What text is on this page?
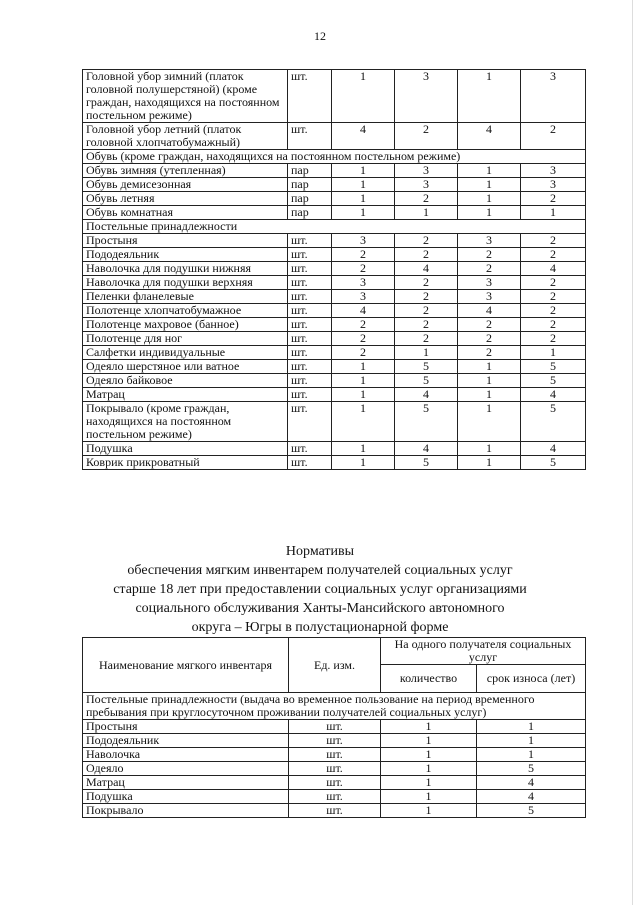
12
Головной убор зимний (платок головной полушерстяной) (кроме граждан, находящихся на постоянном постельном режиме)	шт.	1	3	1	3
Головной убор летний (платок головной хлопчатобумажный)	шт.	4	2	4	2
Обувь (кроме граждан, находящихся на постоянном постельном режиме)					
Обувь зимняя (утепленная)	пар	1	3	1	3
Обувь демисезонная	пар	1	3	1	3
Обувь летняя	пар	1	2	1	2
Обувь комнатная	пар	1	1	1	1
Постельные принадлежности					
Простыня	шт.	3	2	3	2
Пододеяльник	шт.	2	2	2	2
Наволочка для подушки нижняя	шт.	2	4	2	4
Наволочка для подушки верхняя	шт.	3	2	3	2
Пеленки фланелевые	шт.	3	2	3	2
Полотенце хлопчатобумажное	шт.	4	2	4	2
Полотенце махровое (банное)	шт.	2	2	2	2
Полотенце для ног	шт.	2	2	2	2
Салфетки индивидуальные	шт.	2	1	2	1
Одеяло шерстяное или ватное	шт.	1	5	1	5
Одеяло байковое	шт.	1	5	1	5
Матрац	шт.	1	4	1	4
Покрывало (кроме граждан, находящихся на постоянном постельном режиме)	шт.	1	5	1	5
Подушка	шт.	1	4	1	4
Коврик прикроватный	шт.	1	5	1	5
Нормативы
обеспечения мягким инвентарем получателей социальных услуг
старше 18 лет при предоставлении социальных услуг организациями
социального обслуживания Ханты-Мансийского автономного
округа – Югры в полустационарной форме
Наименование мягкого инвентаря	Ед. изм.	На одного получателя социальных услуг	
		количество	срок износа (лет)
Постельные принадлежности (выдача во временное пользование на период временного пребывания при круглосуточном проживании получателей социальных услуг)			
Простыня	шт.	1	1
Пододеяльник	шт.	1	1
Наволочка	шт.	1	1
Одеяло	шт.	1	5
Матрац	шт.	1	4
Подушка	шт.	1	4
Покрывало	шт.	1	5
